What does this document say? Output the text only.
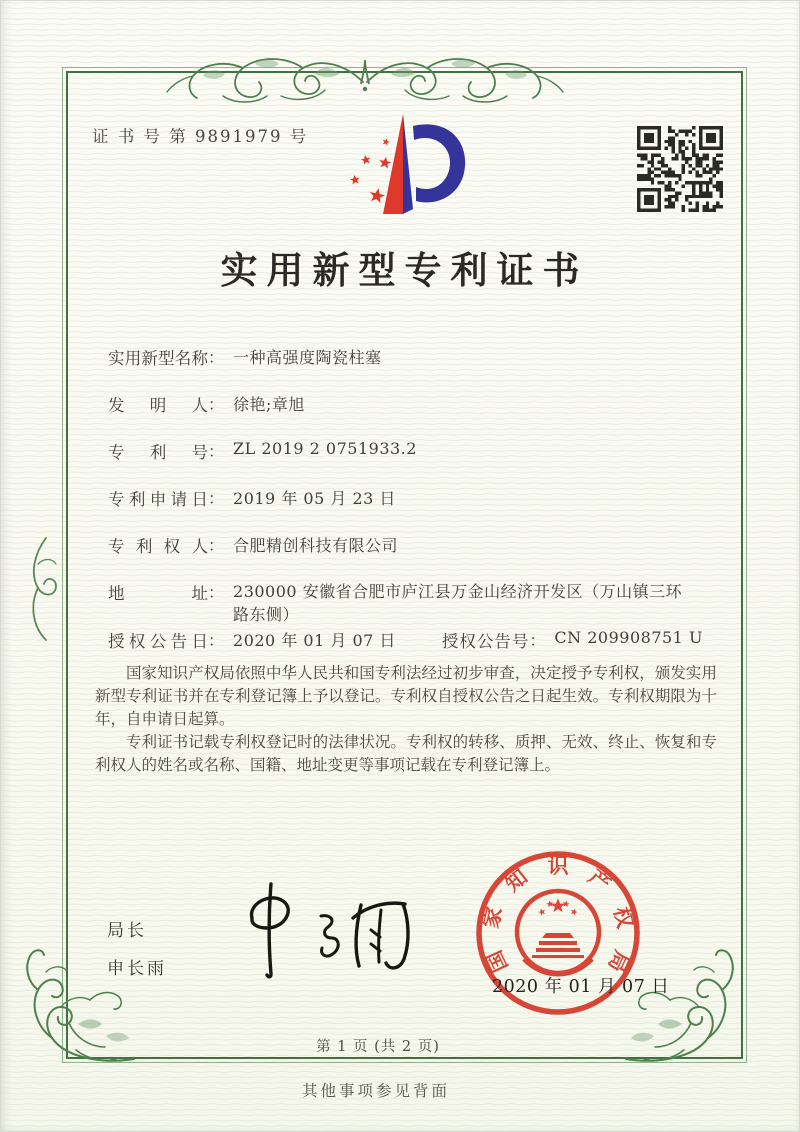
证 书 号 第 9891979 号
实用新型专利证书
实用新型名称 ： 一种高强度陶瓷柱塞
发明人 ： 徐艳;章旭
专利号 ： ZL 2019 2 0751933.2
专利申请日 ： 2019 年 05 月 23 日
专利权人 ： 合肥精创科技有限公司
地址 ： 230000 安徽省合肥市庐江县万金山经济开发区（万山镇三环路东侧）
授权公告日 ： 2020 年 01 月 07 日	授权公告号 ： CN 209908751 U

国家知识产权局依照中华人民共和国专利法经过初步审查，决定授予专利权，颁发实用新型专利证书并在专利登记簿上予以登记。专利权自授权公告之日起生效。专利权期限为十年，自申请日起算。

专利证书记载专利权登记时的法律状况。专利权的转移、质押、无效、终止、恢复和专利权人的姓名或名称、国籍、地址变更等事项记载在专利登记簿上。

局长
申长雨	国
家
知 识 产
权
局
2020 年 01 月 07 日
第 1 页 (共 2 页)
其他事项参见背面
